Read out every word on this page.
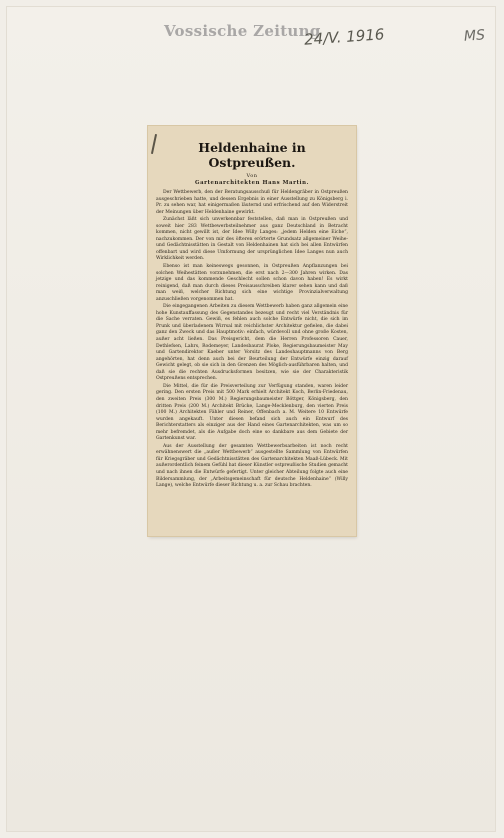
Vossische Zeitung
24/V. 1916	MS
Heldenhaine in Ostpreußen.
Von
Gartenarchitekten Hans Martin.

Der Wettbewerb, den der Beratungsausschuß für Heldengräber in Ostpreußen ausgeschrieben hatte, und dessen Ergebnis in einer Ausstellung zu Königsberg i. Pr. zu sehen war, hat einigermaßen läuternd und erfrischend auf den Widerstreit der Meinungen über Heldenhaine gewirkt.

Zunächst läßt sich unverkennbar feststellen, daß man in Ostpreußen und soweit hier 283 Wettbewerbsteilnehmer aus ganz Deutschland in Betracht kommen, nicht gewillt ist, der Idee Willy Langes: „jedem Helden eine Eiche“, nachzukommen. Der von mir des öfteren erörterte Grundsatz allgemeiner Weihe- und Gedächtnisstätten in Gestalt von Heldenhainen hat sich bei allen Entwürfen offenbart und wird diese Umformung der ursprünglichen Idee Langes nun auch Wirklichkeit werden.

Ebenso ist man keineswegs gesonnen, in Ostpreußen Anpflanzungen bei solchen Weihestätten vorzunehmen, die erst nach 2—300 Jahren wirken. Das jetzige und das kommende Geschlecht sollen schon davon haben! Es wirkt reinigend, daß man durch dieses Preisausschreiben klarer sehen kann und daß man weiß, welcher Richtung sich eine wichtige Provinzialverwaltung anzuschließen vorgenommen hat.

Die eingegangenen Arbeiten zu diesem Wettbewerb haben ganz allgemein eine hohe Kunstauffassung des Gegenstandes bezeugt und recht viel Verständnis für die Sache verraten. Gewiß, es fehlen auch solche Entwürfe nicht, die sich im Prunk und überladenem Wirrsal mit reichlichster Architektur gefielen, die dabei ganz den Zweck und das Hauptmotiv: einfach, würdevoll und ohne große Kosten, außer acht ließen. Das Preisgericht, dem die Herren Professoren Cauer, Dethlefsen, Lahrs, Rodemeyer, Landesbaurat Ploke, Regierungsbaumeister May und Gartendirektor Kaeber unter Vorsitz des Landeshauptmanns von Berg angehörten, hat denn auch bei der Beurteilung der Entwürfe einzig darauf Gewicht gelegt, ob sie sich in den Grenzen des Möglich-ausführbaren halten, und daß sie die rechten Ausdrucksformen besitzen, wie sie der Charakteristik Ostpreußens entsprechen.

Die Mittel, die für die Preisverteilung zur Verfügung standen, waren leider gering. Den ersten Preis mit 500 Mark erhielt Architekt Koch, Berlin-Friedenau, den zweiten Preis (300 M.) Regierungsbaumeister Böttger, Königsberg, den dritten Preis (200 M.) Architekt Brücke, Lange-Mecklenburg, den vierten Preis (100 M.) Architekten Fähler und Reiner, Offenbach a. M. Weitere 10 Entwürfe wurden angekauft. Unter diesen befand sich auch ein Entwurf des Berichterstatters als einziger aus der Hand eines Gartenarchitekten, was um so mehr befremdet, als die Aufgabe doch eine so dankbare aus dem Gebiete der Gartenkunst war.

Aus der Ausstellung der gesamten Wettbewerbsarbeiten ist noch recht erwähnenswert die „außer Wettbewerb“ ausgestellte Sammlung von Entwürfen für Kriegsgräber und Gedächtnisstätten des Gartenarchitekten Maaß-Lübeck. Mit außerordentlich feinem Gefühl hat dieser Künstler ostpreußische Studien gemacht und nach ihnen die Entwürfe gefertigt. Unter gleicher Abteilung folgte auch eine Bildersammlung, der „Arbeitsgemeinschaft für deutsche Heldenhaine“ (Willy Lange), welche Entwürfe dieser Richtung u. a. zur Schau brachten.
